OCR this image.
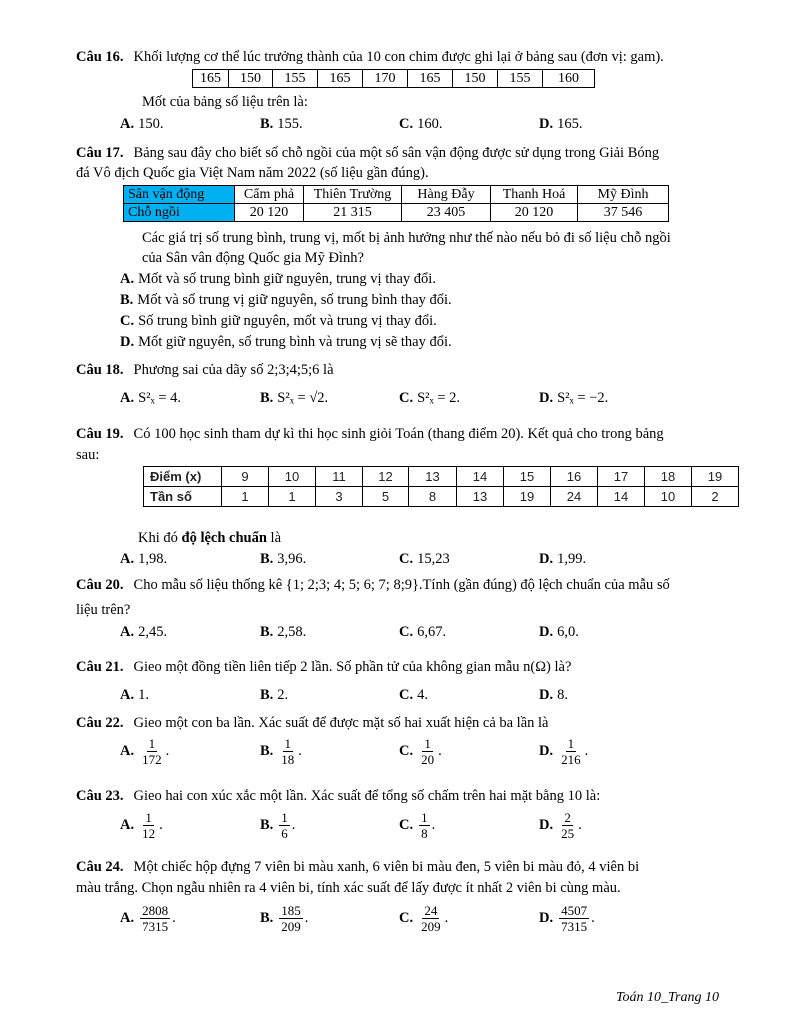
Câu 16. Khối lượng cơ thể lúc trưởng thành của 10 con chim được ghi lại ở bảng sau (đơn vị: gam).
165	150	155	165	170	165	150	155	160
Mốt của bảng số liệu trên là:
A. 150.	B. 155.	C. 160.	D. 165.
Câu 17. Bảng sau đây cho biết số chỗ ngồi của một số sân vận động được sử dụng trong Giải Bóng
đá Vô địch Quốc gia Việt Nam năm 2022 (số liệu gần đúng).
Sân vận động	Cẩm phả	Thiên Trường	Hàng Đẫy	Thanh Hoá	Mỹ Đình
Chỗ ngồi	20 120	21 315	23 405	20 120	37 546
Các giá trị số trung bình, trung vị, mốt bị ảnh hưởng như thế nào nếu bỏ đi số liệu chỗ ngồi
của Sân vân động Quốc gia Mỹ Đình?
A. Mốt và số trung bình giữ nguyên, trung vị thay đổi.
B. Mốt và số trung vị giữ nguyên, số trung bình thay đổi.
C. Số trung bình giữ nguyên, mốt và trung vị thay đổi.
D. Mốt giữ nguyên, số trung bình và trung vị sẽ thay đổi.
Câu 18. Phương sai của dãy số 2;3;4;5;6 là
A. S²ₓ = 4.	B. S²ₓ = √2.	C. S²ₓ = 2.	D. S²ₓ = −2.
Câu 19. Có 100 học sinh tham dự kì thi học sinh giỏi Toán (thang điểm 20). Kết quả cho trong bảng
sau:
Điểm (x)	9	10	11	12	13	14	15	16	17	18	19
Tần số	1	1	3	5	8	13	19	24	14	10	2
Khi đó độ lệch chuẩn là
A. 1,98.	B. 3,96.	C. 15,23	D. 1,99.
Câu 20. Cho mẫu số liệu thống kê {1; 2;3; 4; 5; 6; 7; 8;9}.Tính (gần đúng) độ lệch chuẩn của mẫu số
liệu trên?
A. 2,45.	B. 2,58.	C. 6,67.	D. 6,0.
Câu 21. Gieo một đồng tiền liên tiếp 2 lần. Số phần tử của không gian mẫu n(Ω) là?
A. 1.	B. 2.	C. 4.	D. 8.
Câu 22. Gieo một con ba lần. Xác suất để được mặt số hai xuất hiện cả ba lần là
A. $\frac{1}{172}$ .	B. $\frac{1}{18}$ .	C. $\frac{1}{20}$ .	D. $\frac{1}{216}$ .
Câu 23. Gieo hai con xúc xắc một lần. Xác suất để tổng số chấm trên hai mặt bằng 10 là:
A. $\frac{1}{12}$ .	B. $\frac{1}{6}$ .	C. $\frac{1}{8}$ .	D. $\frac{2}{25}$ .
Câu 24. Một chiếc hộp đựng 7 viên bi màu xanh, 6 viên bi màu đen, 5 viên bi màu đỏ, 4 viên bi
màu trắng. Chọn ngẫu nhiên ra 4 viên bi, tính xác suất để lấy được ít nhất 2 viên bi cùng màu.
A. $\frac{2808}{7315}$ .	B. $\frac{185}{209}$ .	C. $\frac{24}{209}$ .	D. $\frac{4507}{7315}$ .
Toán 10_Trang 10
